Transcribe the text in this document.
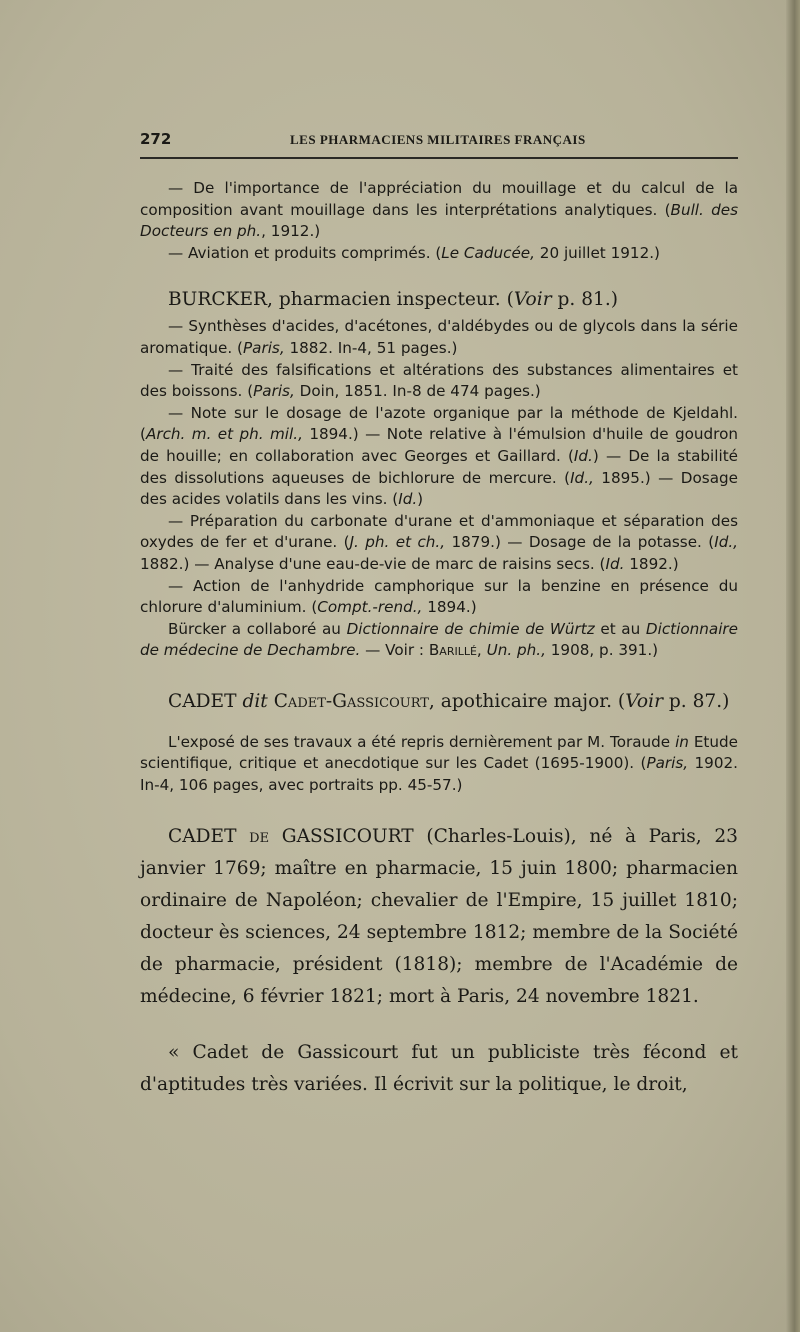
272	LES PHARMACIENS MILITAIRES FRANÇAIS

— De l'importance de l'appréciation du mouillage et du calcul de la composition avant mouillage dans les interprétations analytiques. (Bull. des Docteurs en ph., 1912.)

— Aviation et produits comprimés. (Le Caducée, 20 juillet 1912.)

BURCKER, pharmacien inspecteur. (Voir p. 81.)

— Synthèses d'acides, d'acétones, d'aldébydes ou de glycols dans la série aromatique. (Paris, 1882. In-4, 51 pages.)

— Traité des falsifications et altérations des substances alimentaires et des boissons. (Paris, Doin, 1851. In-8 de 474 pages.)

— Note sur le dosage de l'azote organique par la méthode de Kjeldahl. (Arch. m. et ph. mil., 1894.) — Note relative à l'émulsion d'huile de goudron de houille; en collaboration avec Georges et Gaillard. (Id.) — De la stabilité des dissolutions aqueuses de bichlorure de mercure. (Id., 1895.) — Dosage des acides volatils dans les vins. (Id.)

— Préparation du carbonate d'urane et d'ammoniaque et séparation des oxydes de fer et d'urane. (J. ph. et ch., 1879.) — Dosage de la potasse. (Id., 1882.) — Analyse d'une eau-de-vie de marc de raisins secs. (Id. 1892.)

— Action de l'anhydride camphorique sur la benzine en présence du chlorure d'aluminium. (Compt.-rend., 1894.)

Bürcker a collaboré au Dictionnaire de chimie de Würtz et au Dictionnaire de médecine de Dechambre. — Voir : Barillé, Un. ph., 1908, p. 391.)

CADET dit Cadet-Gassicourt, apothicaire major. (Voir p. 87.)

L'exposé de ses travaux a été repris dernièrement par M. Toraude in Etude scientifique, critique et anecdotique sur les Cadet (1695-1900). (Paris, 1902. In-4, 106 pages, avec portraits pp. 45-57.)

CADET de GASSICOURT (Charles-Louis), né à Paris, 23 janvier 1769; maître en pharmacie, 15 juin 1800; pharmacien ordinaire de Napoléon; chevalier de l'Empire, 15 juillet 1810; docteur ès sciences, 24 septembre 1812; membre de la Société de pharmacie, président (1818); membre de l'Académie de médecine, 6 février 1821; mort à Paris, 24 novembre 1821.

« Cadet de Gassicourt fut un publiciste très fécond et d'aptitudes très variées. Il écrivit sur la politique, le droit,
